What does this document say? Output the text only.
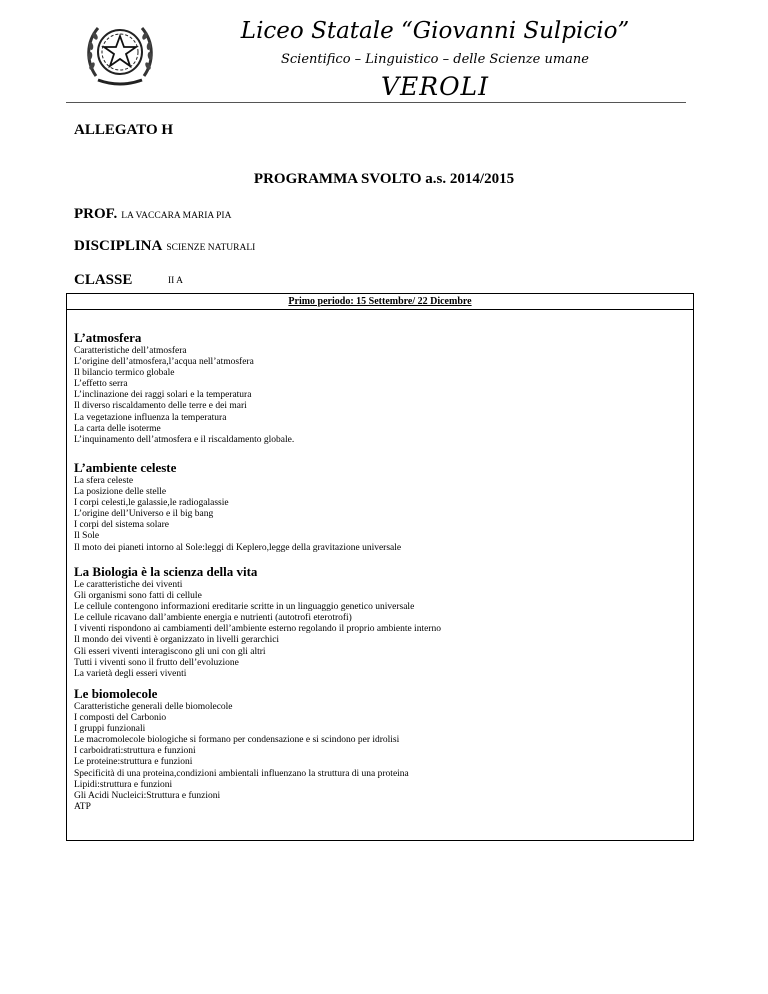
Liceo Statale “Giovanni Sulpicio”
Scientifico – Linguistico – delle Scienze umane
VEROLI
ALLEGATO H
PROGRAMMA SVOLTO a.s. 2014/2015
PROF. LA VACCARA MARIA PIA
DISCIPLINA SCIENZE NATURALI
CLASSE	II A
Primo periodo: 15 Settembre/ 22 Dicembre
L’atmosfera
Caratteristiche dell’atmosfera
L’origine dell’atmosfera,l’acqua nell’atmosfera
Il bilancio termico globale
L’effetto serra
L’inclinazione dei raggi solari e la temperatura
Il diverso riscaldamento delle terre e dei mari
La vegetazione influenza la temperatura
La carta delle isoterme
L’inquinamento dell’atmosfera e il riscaldamento globale.
L’ambiente celeste
La sfera celeste
La posizione delle stelle
I corpi celesti,le galassie,le radiogalassie
L’origine dell’Universo e il big bang
I corpi del sistema solare
Il Sole
Il moto dei pianeti intorno al Sole:leggi di Keplero,legge della gravitazione universale
La Biologia è la scienza della vita
Le caratteristiche dei viventi
Gli organismi sono fatti di cellule
Le cellule contengono informazioni ereditarie scritte in un linguaggio genetico universale
Le cellule ricavano dall’ambiente energia e nutrienti (autotrofi eterotrofi)
I viventi rispondono ai cambiamenti dell’ambiente esterno regolando il proprio ambiente interno
Il mondo dei viventi è organizzato in livelli gerarchici
Gli esseri viventi interagiscono gli uni con gli altri
Tutti i viventi sono il frutto dell’evoluzione
La varietà degli esseri viventi
Le biomolecole
Caratteristiche generali delle biomolecole
I composti del Carbonio
I gruppi funzionali
Le macromolecole biologiche si formano per condensazione e si scindono per idrolisi
I carboidrati:struttura e funzioni
Le proteine:struttura e funzioni
Specificità di una proteina,condizioni ambientali influenzano la struttura di una proteina
Lipidi:struttura e funzioni
Gli Acidi Nucleici:Struttura e funzioni
ATP
